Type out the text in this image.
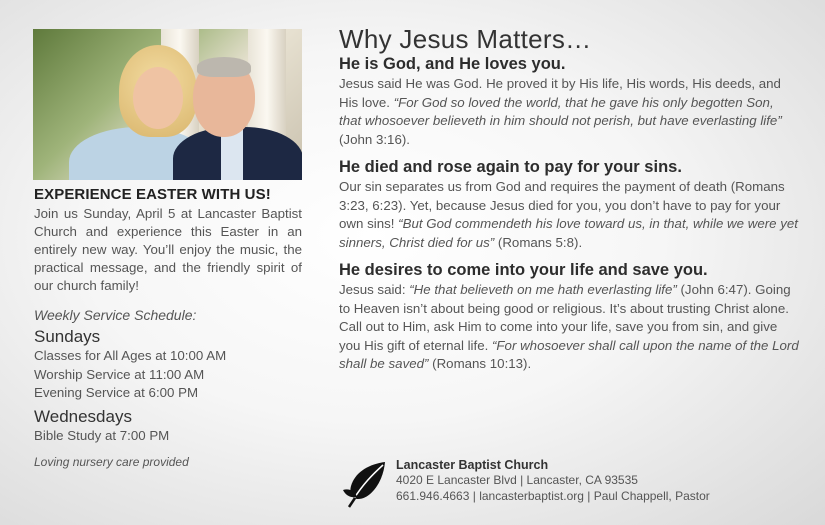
EXPERIENCE EASTER WITH US!
Join us Sunday, April 5 at Lancaster Baptist Church and experience this Easter in an entirely new way. You’ll enjoy the music, the practical message, and the friendly spirit of our church family!
Weekly Service Schedule:
Sundays
Classes for All Ages at 10:00 AM
Worship Service at 11:00 AM
Evening Service at 6:00 PM
Wednesdays
Bible Study at 7:00 PM
Loving nursery care provided
Why Jesus Matters…
He is God, and He loves you.
Jesus said He was God. He proved it by His life, His words, His deeds, and His love. “For God so loved the world, that he gave his only begotten Son, that whosoever believeth in him should not perish, but have everlasting life” (John 3:16).
He died and rose again to pay for your sins.
Our sin separates us from God and requires the payment of death (Romans 3:23, 6:23). Yet, because Jesus died for you, you don’t have to pay for your own sins! “But God commendeth his love toward us, in that, while we were yet sinners, Christ died for us” (Romans 5:8).
He desires to come into your life and save you.
Jesus said: “He that believeth on me hath everlasting life” (John 6:47). Going to Heaven isn’t about being good or religious. It’s about trusting Christ alone. Call out to Him, ask Him to come into your life, save you from sin, and give you His gift of eternal life. “For whosoever shall call upon the name of the Lord shall be saved” (Romans 10:13).
Lancaster Baptist Church
4020 E Lancaster Blvd | Lancaster, CA 93535
661.946.4663 | lancasterbaptist.org | Paul Chappell, Pastor
